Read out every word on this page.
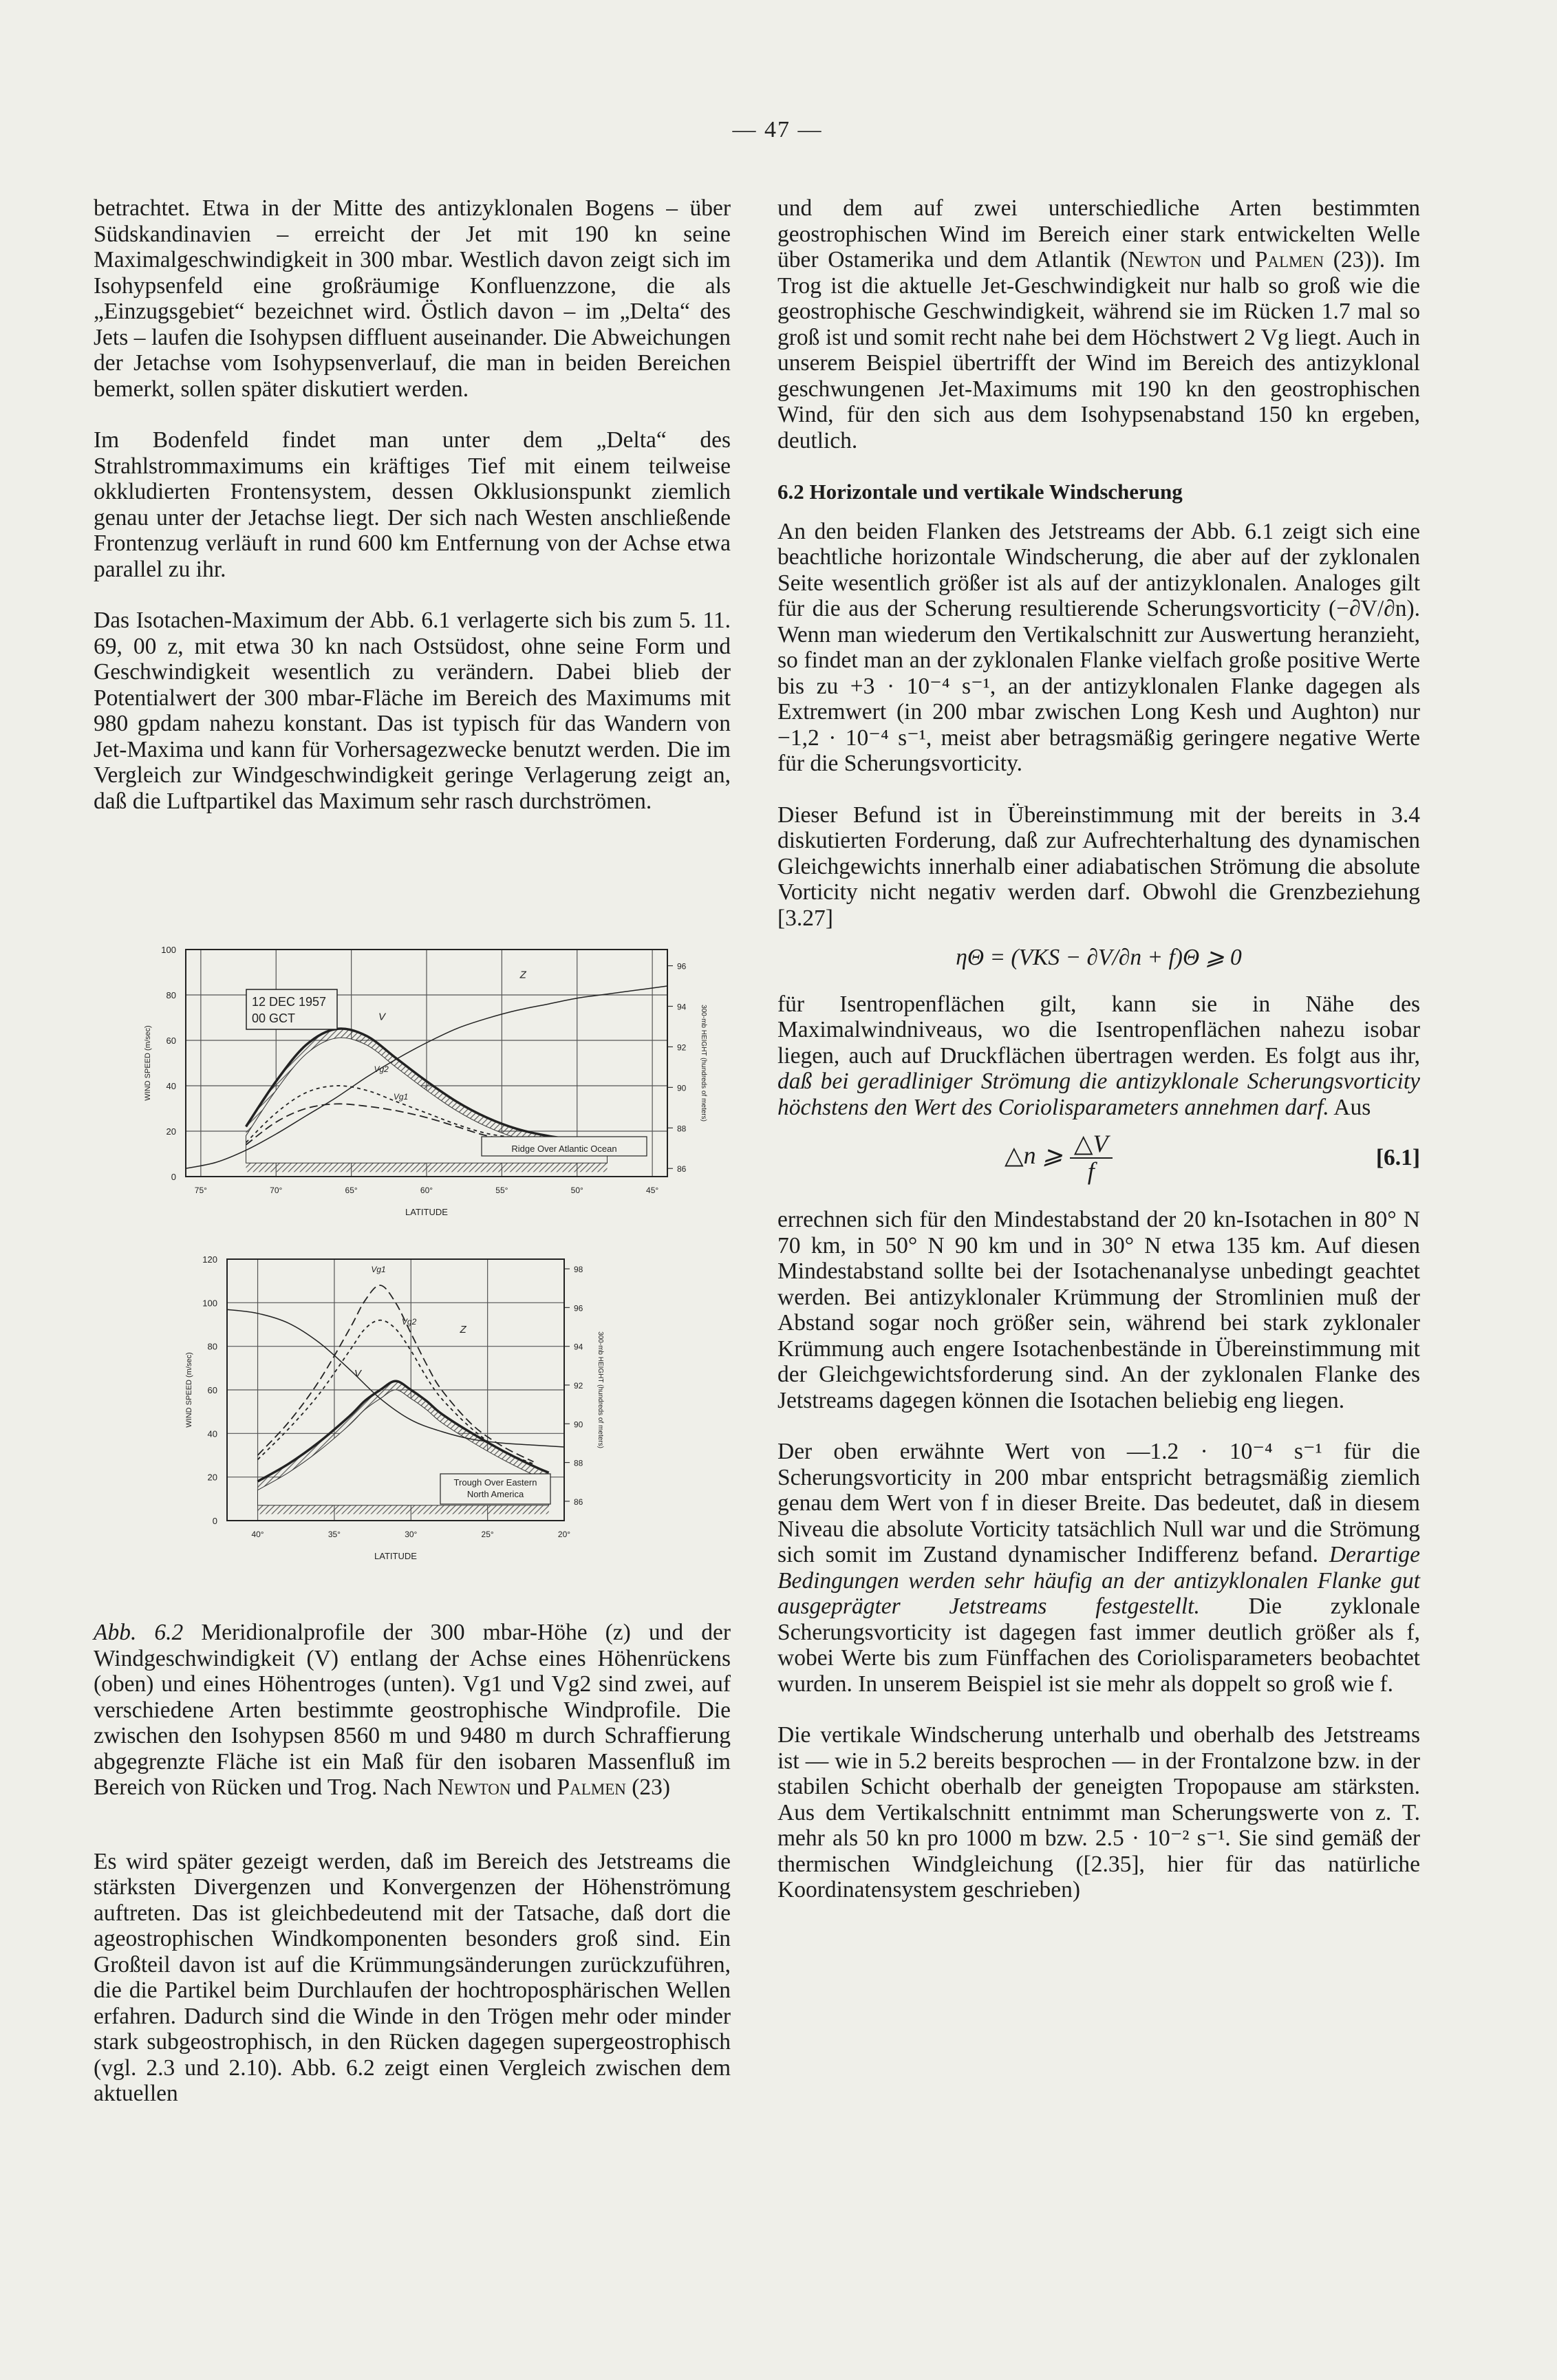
— 47 —

betrachtet. Etwa in der Mitte des antizyklonalen Bogens – über Südskandinavien – erreicht der Jet mit 190 kn seine Maximalgeschwindigkeit in 300 mbar. Westlich davon zeigt sich im Isohypsenfeld eine großräumige Konfluenzzone, die als „Einzugsgebiet“ bezeichnet wird. Östlich davon – im „Delta“ des Jets – laufen die Isohypsen diffluent auseinander. Die Abweichungen der Jetachse vom Isohypsenverlauf, die man in beiden Bereichen bemerkt, sollen später diskutiert werden.

Im Bodenfeld findet man unter dem „Delta“ des Strahlstrommaximums ein kräftiges Tief mit einem teilweise okkludierten Frontensystem, dessen Okklusionspunkt ziemlich genau unter der Jetachse liegt. Der sich nach Westen anschließende Frontenzug verläuft in rund 600 km Entfernung von der Achse etwa parallel zu ihr.

Das Isotachen-Maximum der Abb. 6.1 verlagerte sich bis zum 5. 11. 69, 00 z, mit etwa 30 kn nach Ostsüdost, ohne seine Form und Geschwindigkeit wesentlich zu verändern. Dabei blieb der Potentialwert der 300 mbar-Fläche im Bereich des Maximums mit 980 gpdam nahezu konstant. Das ist typisch für das Wandern von Jet-Maxima und kann für Vorhersagezwecke benutzt werden. Die im Vergleich zur Windgeschwindigkeit geringe Verlagerung zeigt an, daß die Luftpartikel das Maximum sehr rasch durchströmen.

0
20
40
60
80
100
86
88
90
92
94
96
75°	70°	65°	60°	55°	50°	45°
V
Vg2
Vg1
Z
WIND SPEED (m/sec)	300-mb HEIGHT (hundreds of meters)
LATITUDE
Ridge Over Atlantic Ocean
12 DEC 1957
00 GCT
0
20
40
60
80
100
120
86
88
90
92
94
96
98
40°	35°	30°	25°	20°
Vg1
Vg2
V
Z
WIND SPEED (m/sec)	300-mb HEIGHT (hundreds of meters)
LATITUDE
Trough Over Eastern
North America

Abb. 6.2 Meridionalprofile der 300 mbar-Höhe (z) und der Windgeschwindigkeit (V) entlang der Achse eines Höhenrückens (oben) und eines Höhentroges (unten). Vg1 und Vg2 sind zwei, auf verschiedene Arten bestimmte geostrophische Windprofile. Die zwischen den Isohypsen 8560 m und 9480 m durch Schraffierung abgegrenzte Fläche ist ein Maß für den isobaren Massenfluß im Bereich von Rücken und Trog. Nach Newton und Palmen (23)

Es wird später gezeigt werden, daß im Bereich des Jetstreams die stärksten Divergenzen und Konvergenzen der Höhenströmung auftreten. Das ist gleichbedeutend mit der Tatsache, daß dort die ageostrophischen Windkomponenten besonders groß sind. Ein Großteil davon ist auf die Krümmungsänderungen zurückzuführen, die die Partikel beim Durchlaufen der hochtroposphärischen Wellen erfahren. Dadurch sind die Winde in den Trögen mehr oder minder stark subgeostrophisch, in den Rücken dagegen supergeostrophisch (vgl. 2.3 und 2.10). Abb. 6.2 zeigt einen Vergleich zwischen dem aktuellen

und dem auf zwei unterschiedliche Arten bestimmten geostrophischen Wind im Bereich einer stark entwickelten Welle über Ostamerika und dem Atlantik (Newton und Palmen (23)). Im Trog ist die aktuelle Jet-Geschwindigkeit nur halb so groß wie die geostrophische Geschwindigkeit, während sie im Rücken 1.7 mal so groß ist und somit recht nahe bei dem Höchstwert 2 Vg liegt. Auch in unserem Beispiel übertrifft der Wind im Bereich des antizyklonal geschwungenen Jet-Maximums mit 190 kn den geostrophischen Wind, für den sich aus dem Isohypsenabstand 150 kn ergeben, deutlich.

6.2 Horizontale und vertikale Windscherung

An den beiden Flanken des Jetstreams der Abb. 6.1 zeigt sich eine beachtliche horizontale Windscherung, die aber auf der zyklonalen Seite wesentlich größer ist als auf der antizyklonalen. Analoges gilt für die aus der Scherung resultierende Scherungsvorticity (−∂V/∂n). Wenn man wiederum den Vertikalschnitt zur Auswertung heranzieht, so findet man an der zyklonalen Flanke vielfach große positive Werte bis zu +3 · 10⁻⁴ s⁻¹, an der antizyklonalen Flanke dagegen als Extremwert (in 200 mbar zwischen Long Kesh und Aughton) nur −1,2 · 10⁻⁴ s⁻¹, meist aber betragsmäßig geringere negative Werte für die Scherungsvorticity.

Dieser Befund ist in Übereinstimmung mit der bereits in 3.4 diskutierten Forderung, daß zur Aufrechterhaltung des dynamischen Gleichgewichts innerhalb einer adiabatischen Strömung die absolute Vorticity nicht negativ werden darf. Obwohl die Grenzbeziehung [3.27]

ηΘ = (VKS − ∂V/∂n + f)Θ ⩾ 0

für Isentropenflächen gilt, kann sie in Nähe des Maximalwindniveaus, wo die Isentropenflächen nahezu isobar liegen, auch auf Druckflächen übertragen werden. Es folgt aus ihr, daß bei geradliniger Strömung die antizyklonale Scherungsvorticity höchstens den Wert des Coriolisparameters annehmen darf. Aus

△n ⩾ $\frac{\triangle V}{f}$	[6.1]

errechnen sich für den Mindestabstand der 20 kn-Isotachen in 80° N 70 km, in 50° N 90 km und in 30° N etwa 135 km. Auf diesen Mindestabstand sollte bei der Isotachenanalyse unbedingt geachtet werden. Bei antizyklonaler Krümmung der Stromlinien muß der Abstand sogar noch größer sein, während bei stark zyklonaler Krümmung auch engere Isotachenbestände in Übereinstimmung mit der Gleichgewichtsforderung sind. An der zyklonalen Flanke des Jetstreams dagegen können die Isotachen beliebig eng liegen.

Der oben erwähnte Wert von —1.2 · 10⁻⁴ s⁻¹ für die Scherungsvorticity in 200 mbar entspricht betragsmäßig ziemlich genau dem Wert von f in dieser Breite. Das bedeutet, daß in diesem Niveau die absolute Vorticity tatsächlich Null war und die Strömung sich somit im Zustand dynamischer Indifferenz befand. Derartige Bedingungen werden sehr häufig an der antizyklonalen Flanke gut ausgeprägter Jetstreams festgestellt. Die zyklonale Scherungsvorticity ist dagegen fast immer deutlich größer als f, wobei Werte bis zum Fünffachen des Coriolisparameters beobachtet wurden. In unserem Beispiel ist sie mehr als doppelt so groß wie f.

Die vertikale Windscherung unterhalb und oberhalb des Jetstreams ist — wie in 5.2 bereits besprochen — in der Frontalzone bzw. in der stabilen Schicht oberhalb der geneigten Tropopause am stärksten. Aus dem Vertikalschnitt entnimmt man Scherungswerte von z. T. mehr als 50 kn pro 1000 m bzw. 2.5 · 10⁻² s⁻¹. Sie sind gemäß der thermischen Windgleichung ([2.35], hier für das natürliche Koordinatensystem geschrieben)
